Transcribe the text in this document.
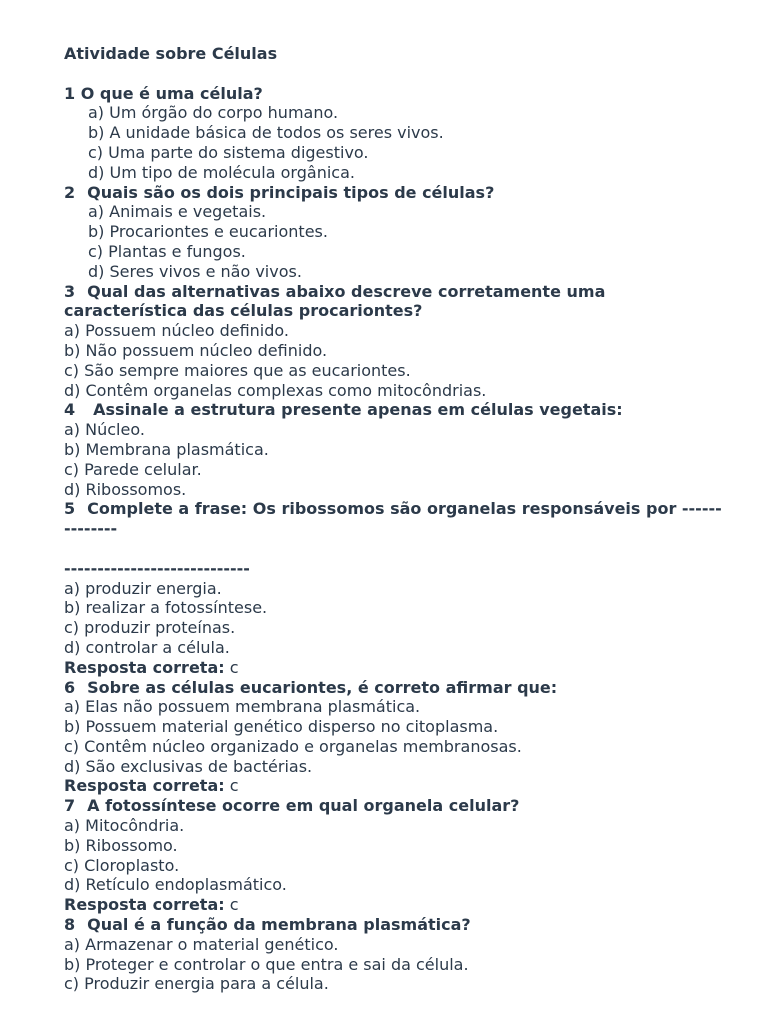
Atividade sobre Células
1 O que é uma célula?
a) Um órgão do corpo humano.
b) A unidade básica de todos os seres vivos.
c) Uma parte do sistema digestivo.
d) Um tipo de molécula orgânica.
2 Quais são os dois principais tipos de células?
a) Animais e vegetais.
b) Procariontes e eucariontes.
c) Plantas e fungos.
d) Seres vivos e não vivos.
3 Qual das alternativas abaixo descreve corretamente uma característica das células procariontes?
a) Possuem núcleo definido.
b) Não possuem núcleo definido.
c) São sempre maiores que as eucariontes.
d) Contêm organelas complexas como mitocôndrias.
4 Assinale a estrutura presente apenas em células vegetais:
a) Núcleo.
b) Membrana plasmática.
c) Parede celular.
d) Ribossomos.
5 Complete a frase: Os ribossomos são organelas responsáveis por --------------
----------------------------
a) produzir energia.
b) realizar a fotossíntese.
c) produzir proteínas.
d) controlar a célula.
Resposta correta: c
6 Sobre as células eucariontes, é correto afirmar que:
a) Elas não possuem membrana plasmática.
b) Possuem material genético disperso no citoplasma.
c) Contêm núcleo organizado e organelas membranosas.
d) São exclusivas de bactérias.
Resposta correta: c
7 A fotossíntese ocorre em qual organela celular?
a) Mitocôndria.
b) Ribossomo.
c) Cloroplasto.
d) Retículo endoplasmático.
Resposta correta: c
8 Qual é a função da membrana plasmática?
a) Armazenar o material genético.
b) Proteger e controlar o que entra e sai da célula.
c) Produzir energia para a célula.
